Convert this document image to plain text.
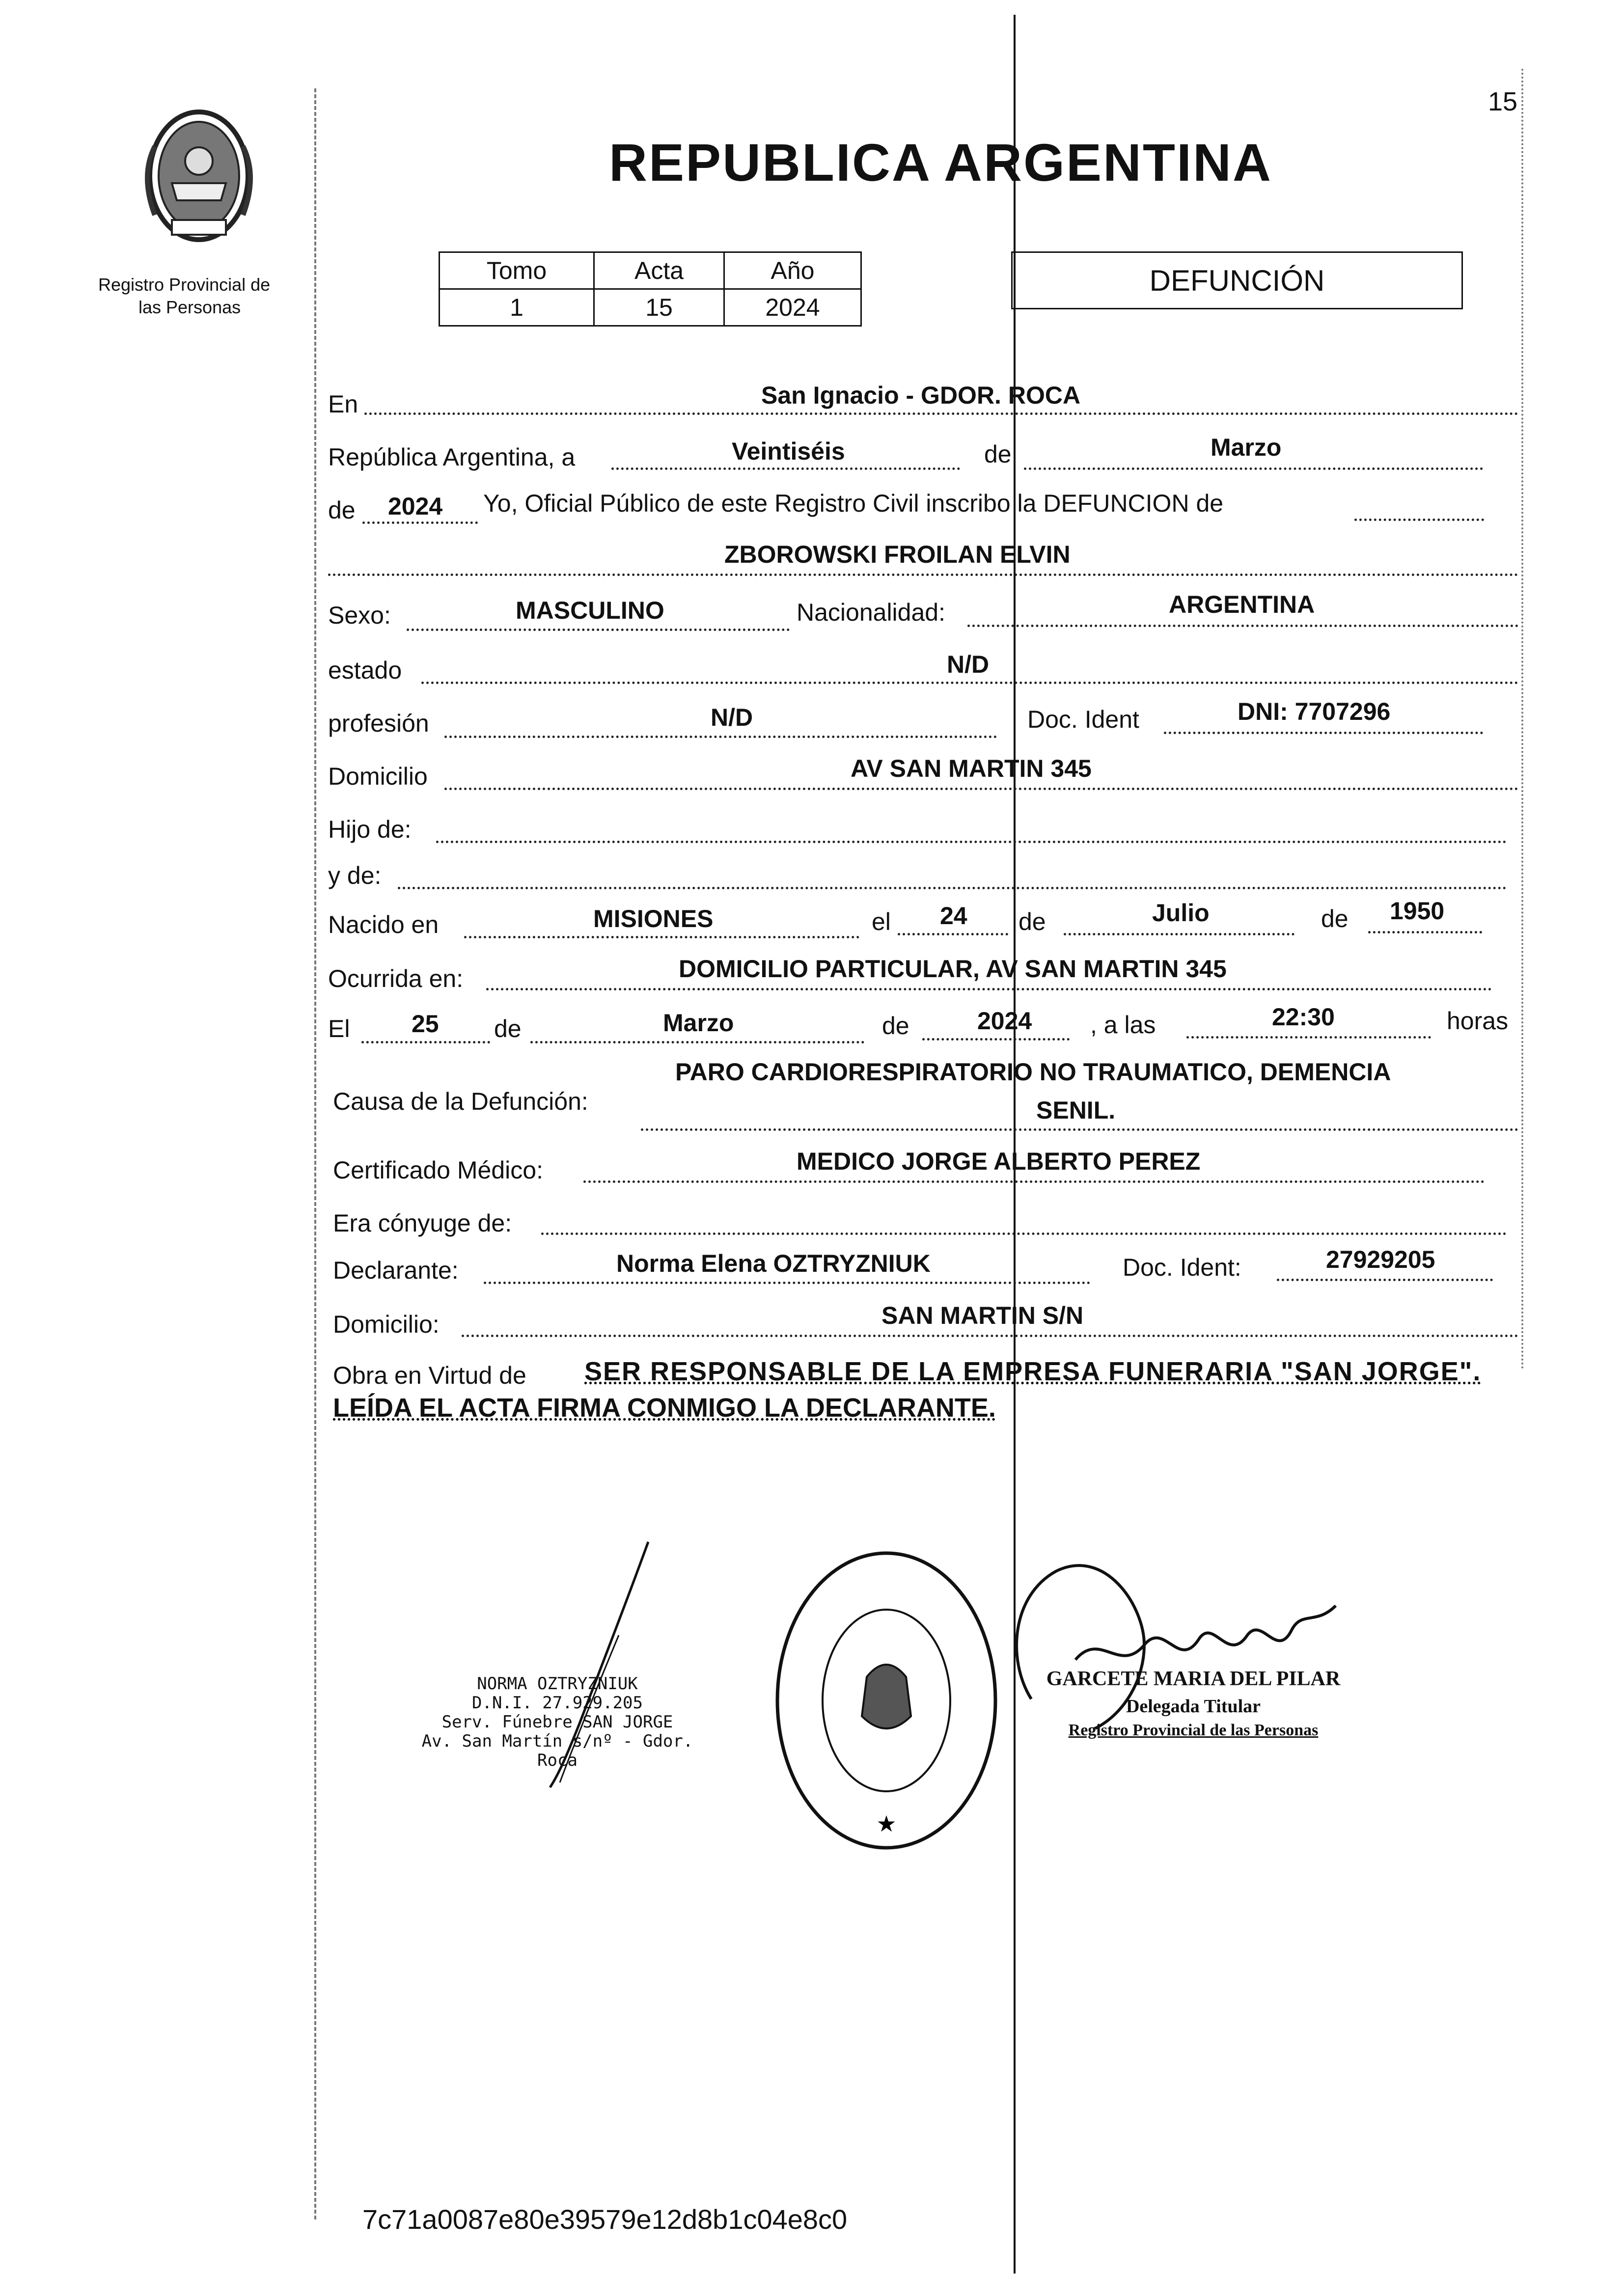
15
Registro Provincial de
las Personas
REPUBLICA ARGENTINA
Tomo	Acta	Año
1	15	2024
DEFUNCIÓN
En	San Ignacio - GDOR. ROCA
República Argentina, a	Veintiséis	de	Marzo
de 2024 Yo, Oficial Público de este Registro Civil inscribo la DEFUNCION de
ZBOROWSKI FROILAN ELVIN
Sexo:	MASCULINO	Nacionalidad:	ARGENTINA
estado	N/D
profesión	N/D	Doc. Ident	DNI: 7707296
Domicilio	AV SAN MARTIN 345
Hijo de:
y de:
Nacido en	MISIONES	el 24 de	Julio	de 1950
Ocurrida en:	DOMICILIO PARTICULAR, AV SAN MARTIN 345
El	25 de	Marzo	de	2024 , a las	22:30	horas
Causa de la Defunción:
PARO CARDIORESPIRATORIO NO TRAUMATICO, DEMENCIA
SENIL.
Certificado Médico:	MEDICO JORGE ALBERTO PEREZ
Era cónyuge de:
Declarante:	Norma Elena OZTRYZNIUK	Doc. Ident:	27929205
Domicilio:	SAN MARTIN S/N
Obra en Virtud de SER RESPONSABLE DE LA EMPRESA FUNERARIA "SAN JORGE".
LEÍDA EL ACTA FIRMA CONMIGO LA DECLARANTE.
NORMA OZTRYZNIUK
D.N.I. 27.929.205
Serv. Fúnebre SAN JORGE
Av. San Martín s/nº - Gdor. Roca
★
GARCETE MARIA DEL PILAR
Delegada Titular
Registro Provincial de las Personas
7c71a0087e80e39579e12d8b1c04e8c0
